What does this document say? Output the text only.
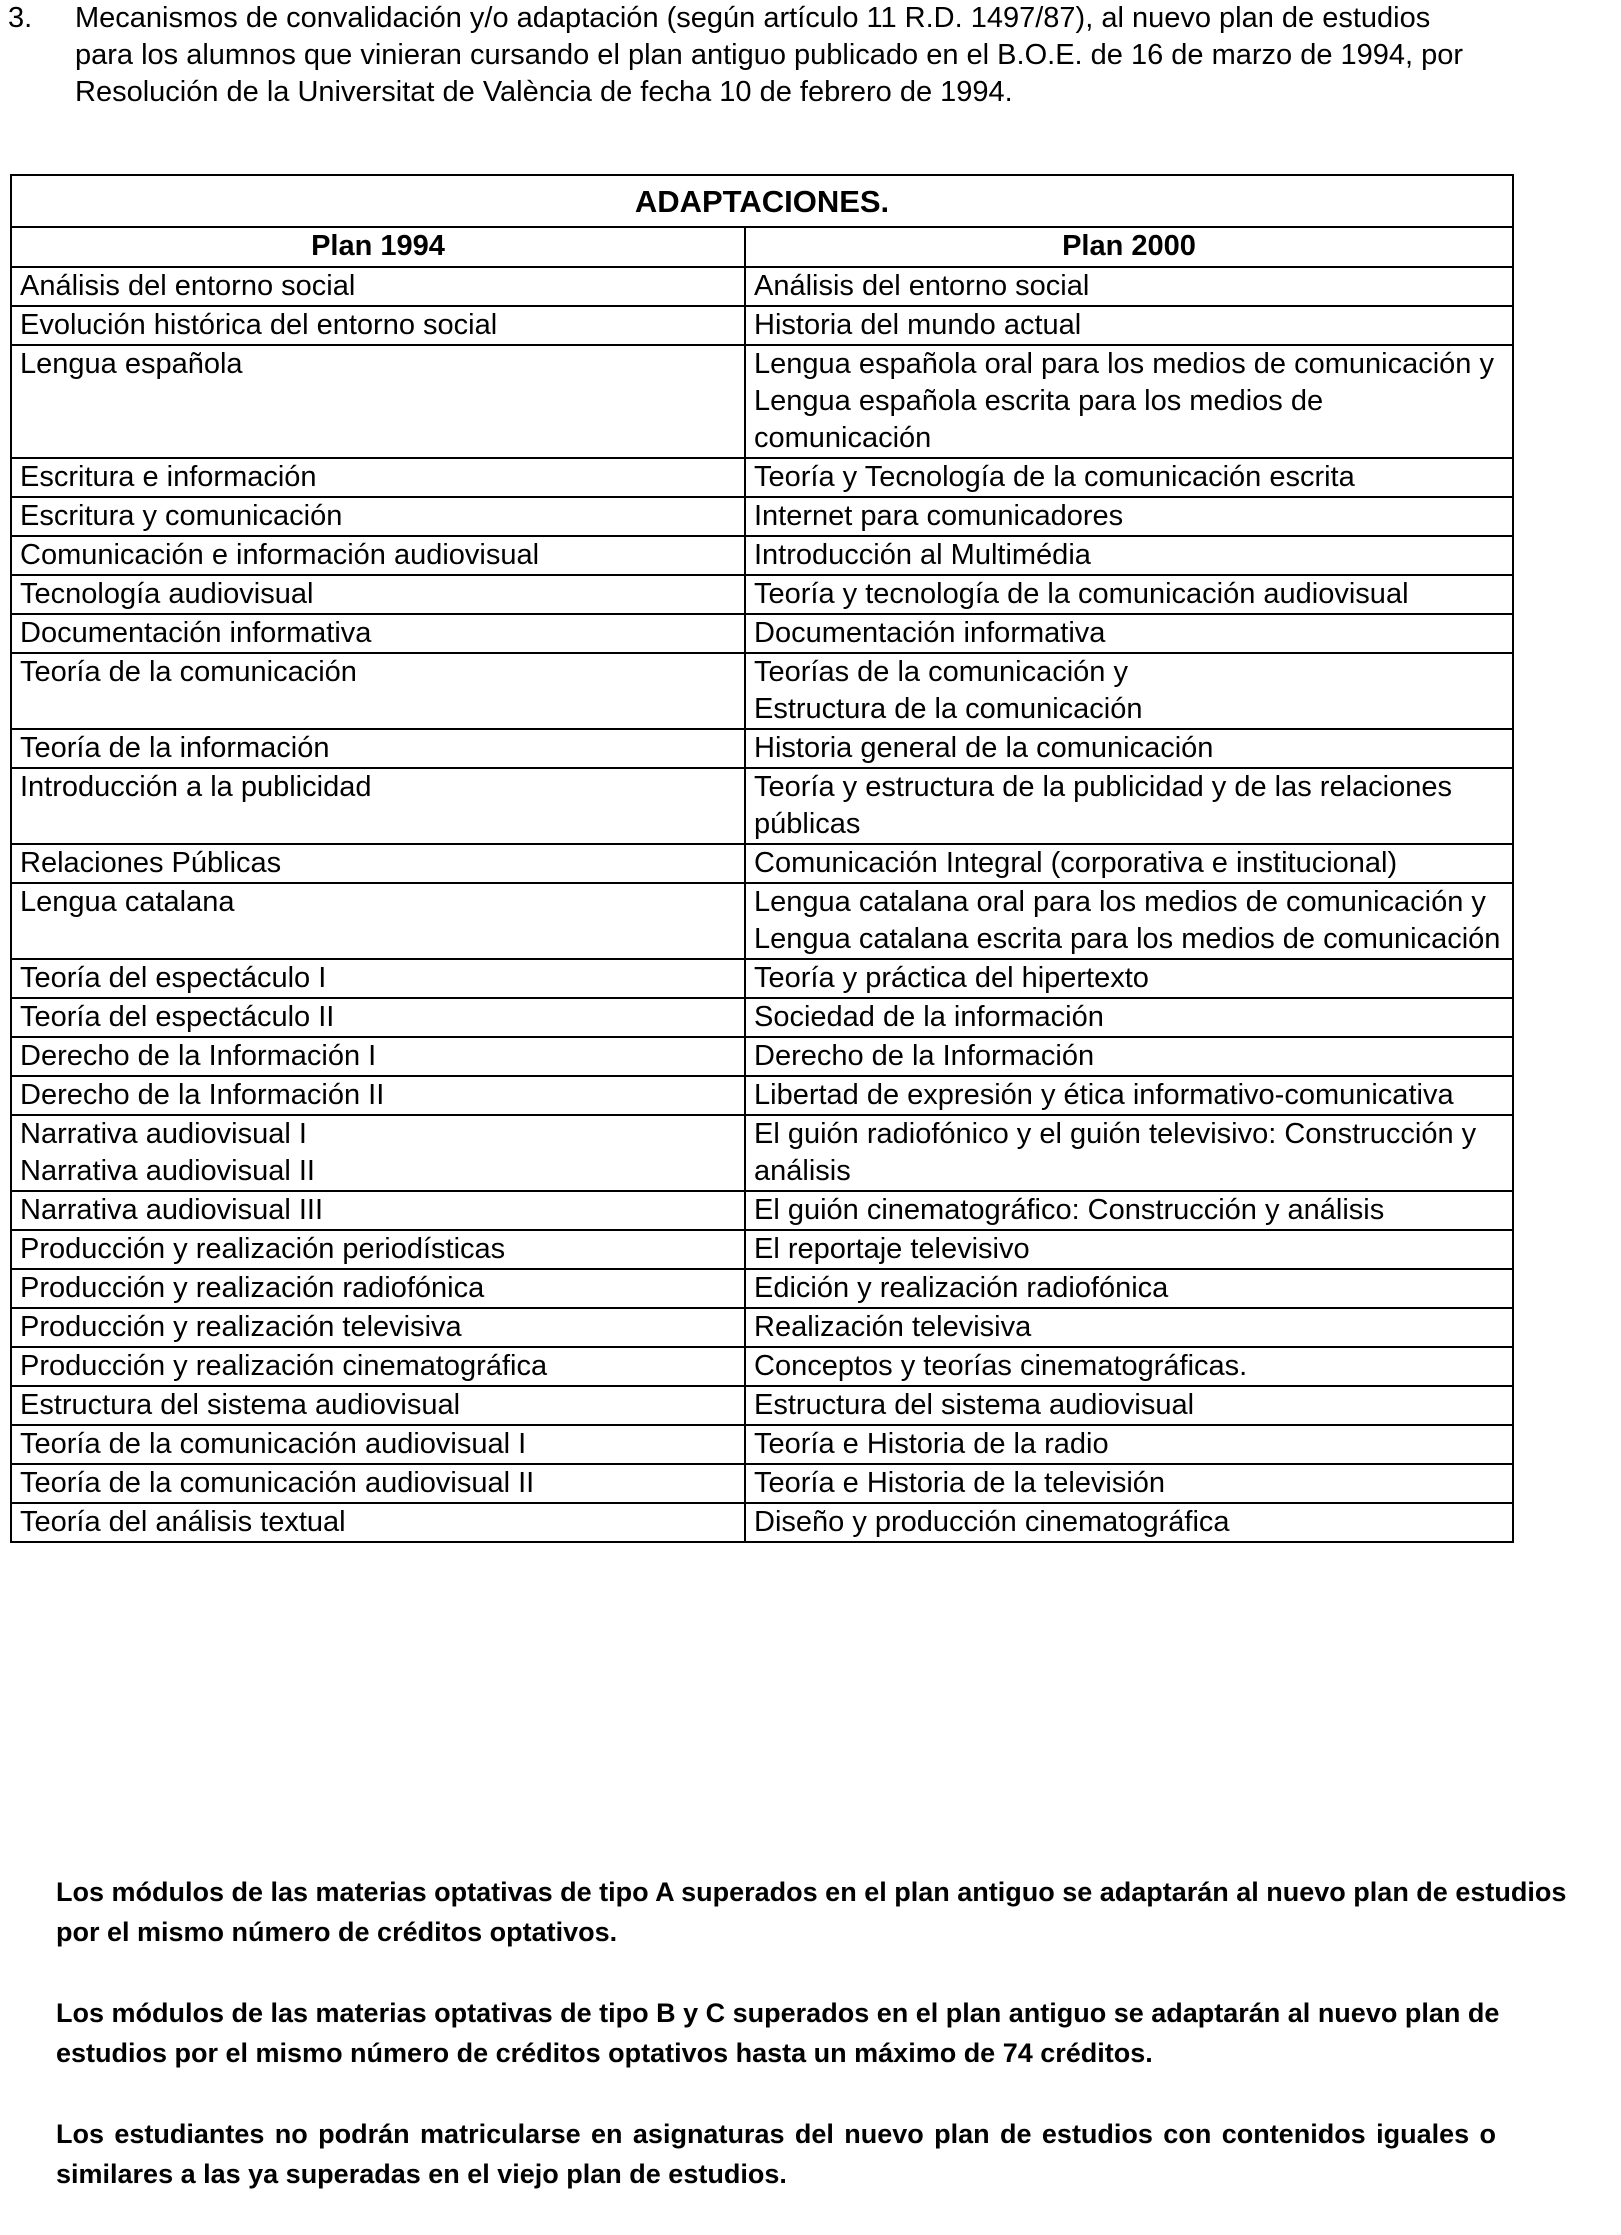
3.	Mecanismos de convalidación y/o adaptación (según artículo 11 R.D. 1497/87), al nuevo plan de estudios para los alumnos que vinieran cursando el plan antiguo publicado en el B.O.E. de 16 de marzo de 1994, por Resolución de la Universitat de València de fecha 10 de febrero de 1994.
ADAPTACIONES.	
Plan 1994	Plan 2000
Análisis del entorno social	Análisis del entorno social
Evolución histórica del entorno social	Historia del mundo actual
Lengua española	Lengua española oral para los medios de comunicación y
Lengua española escrita para los medios de comunicación
Escritura e información	Teoría y Tecnología de la comunicación escrita
Escritura y comunicación	Internet para comunicadores
Comunicación e información audiovisual	Introducción al Multimédia
Tecnología audiovisual	Teoría y tecnología de la comunicación audiovisual
Documentación informativa	Documentación informativa
Teoría de la comunicación	Teorías de la comunicación y
Estructura de la comunicación
Teoría de la información	Historia general de la comunicación
Introducción a la publicidad	Teoría y estructura de la publicidad y de las relaciones públicas
Relaciones Públicas	Comunicación Integral (corporativa e institucional)
Lengua catalana	Lengua catalana oral para los medios de comunicación y
Lengua catalana escrita para los medios de comunicación
Teoría del espectáculo I	Teoría y práctica del hipertexto
Teoría del espectáculo II	Sociedad de la información
Derecho de la Información I	Derecho de la Información
Derecho de la Información II	Libertad de expresión y ética informativo-comunicativa
Narrativa audiovisual I
Narrativa audiovisual II	El guión radiofónico y el guión televisivo: Construcción y análisis
Narrativa audiovisual III	El guión cinematográfico: Construcción y análisis
Producción y realización periodísticas	El reportaje televisivo
Producción y realización radiofónica	Edición y realización radiofónica
Producción y realización televisiva	Realización televisiva
Producción y realización cinematográfica	Conceptos y teorías cinematográficas.
Estructura del sistema audiovisual	Estructura del sistema audiovisual
Teoría de la comunicación audiovisual I	Teoría e Historia de la radio
Teoría de la comunicación audiovisual II	Teoría e Historia de la televisión
Teoría del análisis textual	Diseño y producción cinematográfica

Los módulos de las materias optativas de tipo A superados en el plan antiguo se adaptarán al nuevo plan de estudios por el mismo número de créditos optativos.

Los módulos de las materias optativas de tipo B y C superados en el plan antiguo se adaptarán al nuevo plan de estudios por el mismo número de créditos optativos hasta un máximo de 74 créditos.

Los estudiantes no podrán matricularse en asignaturas del nuevo plan de estudios con contenidos iguales o similares a las ya superadas en el viejo plan de estudios.
